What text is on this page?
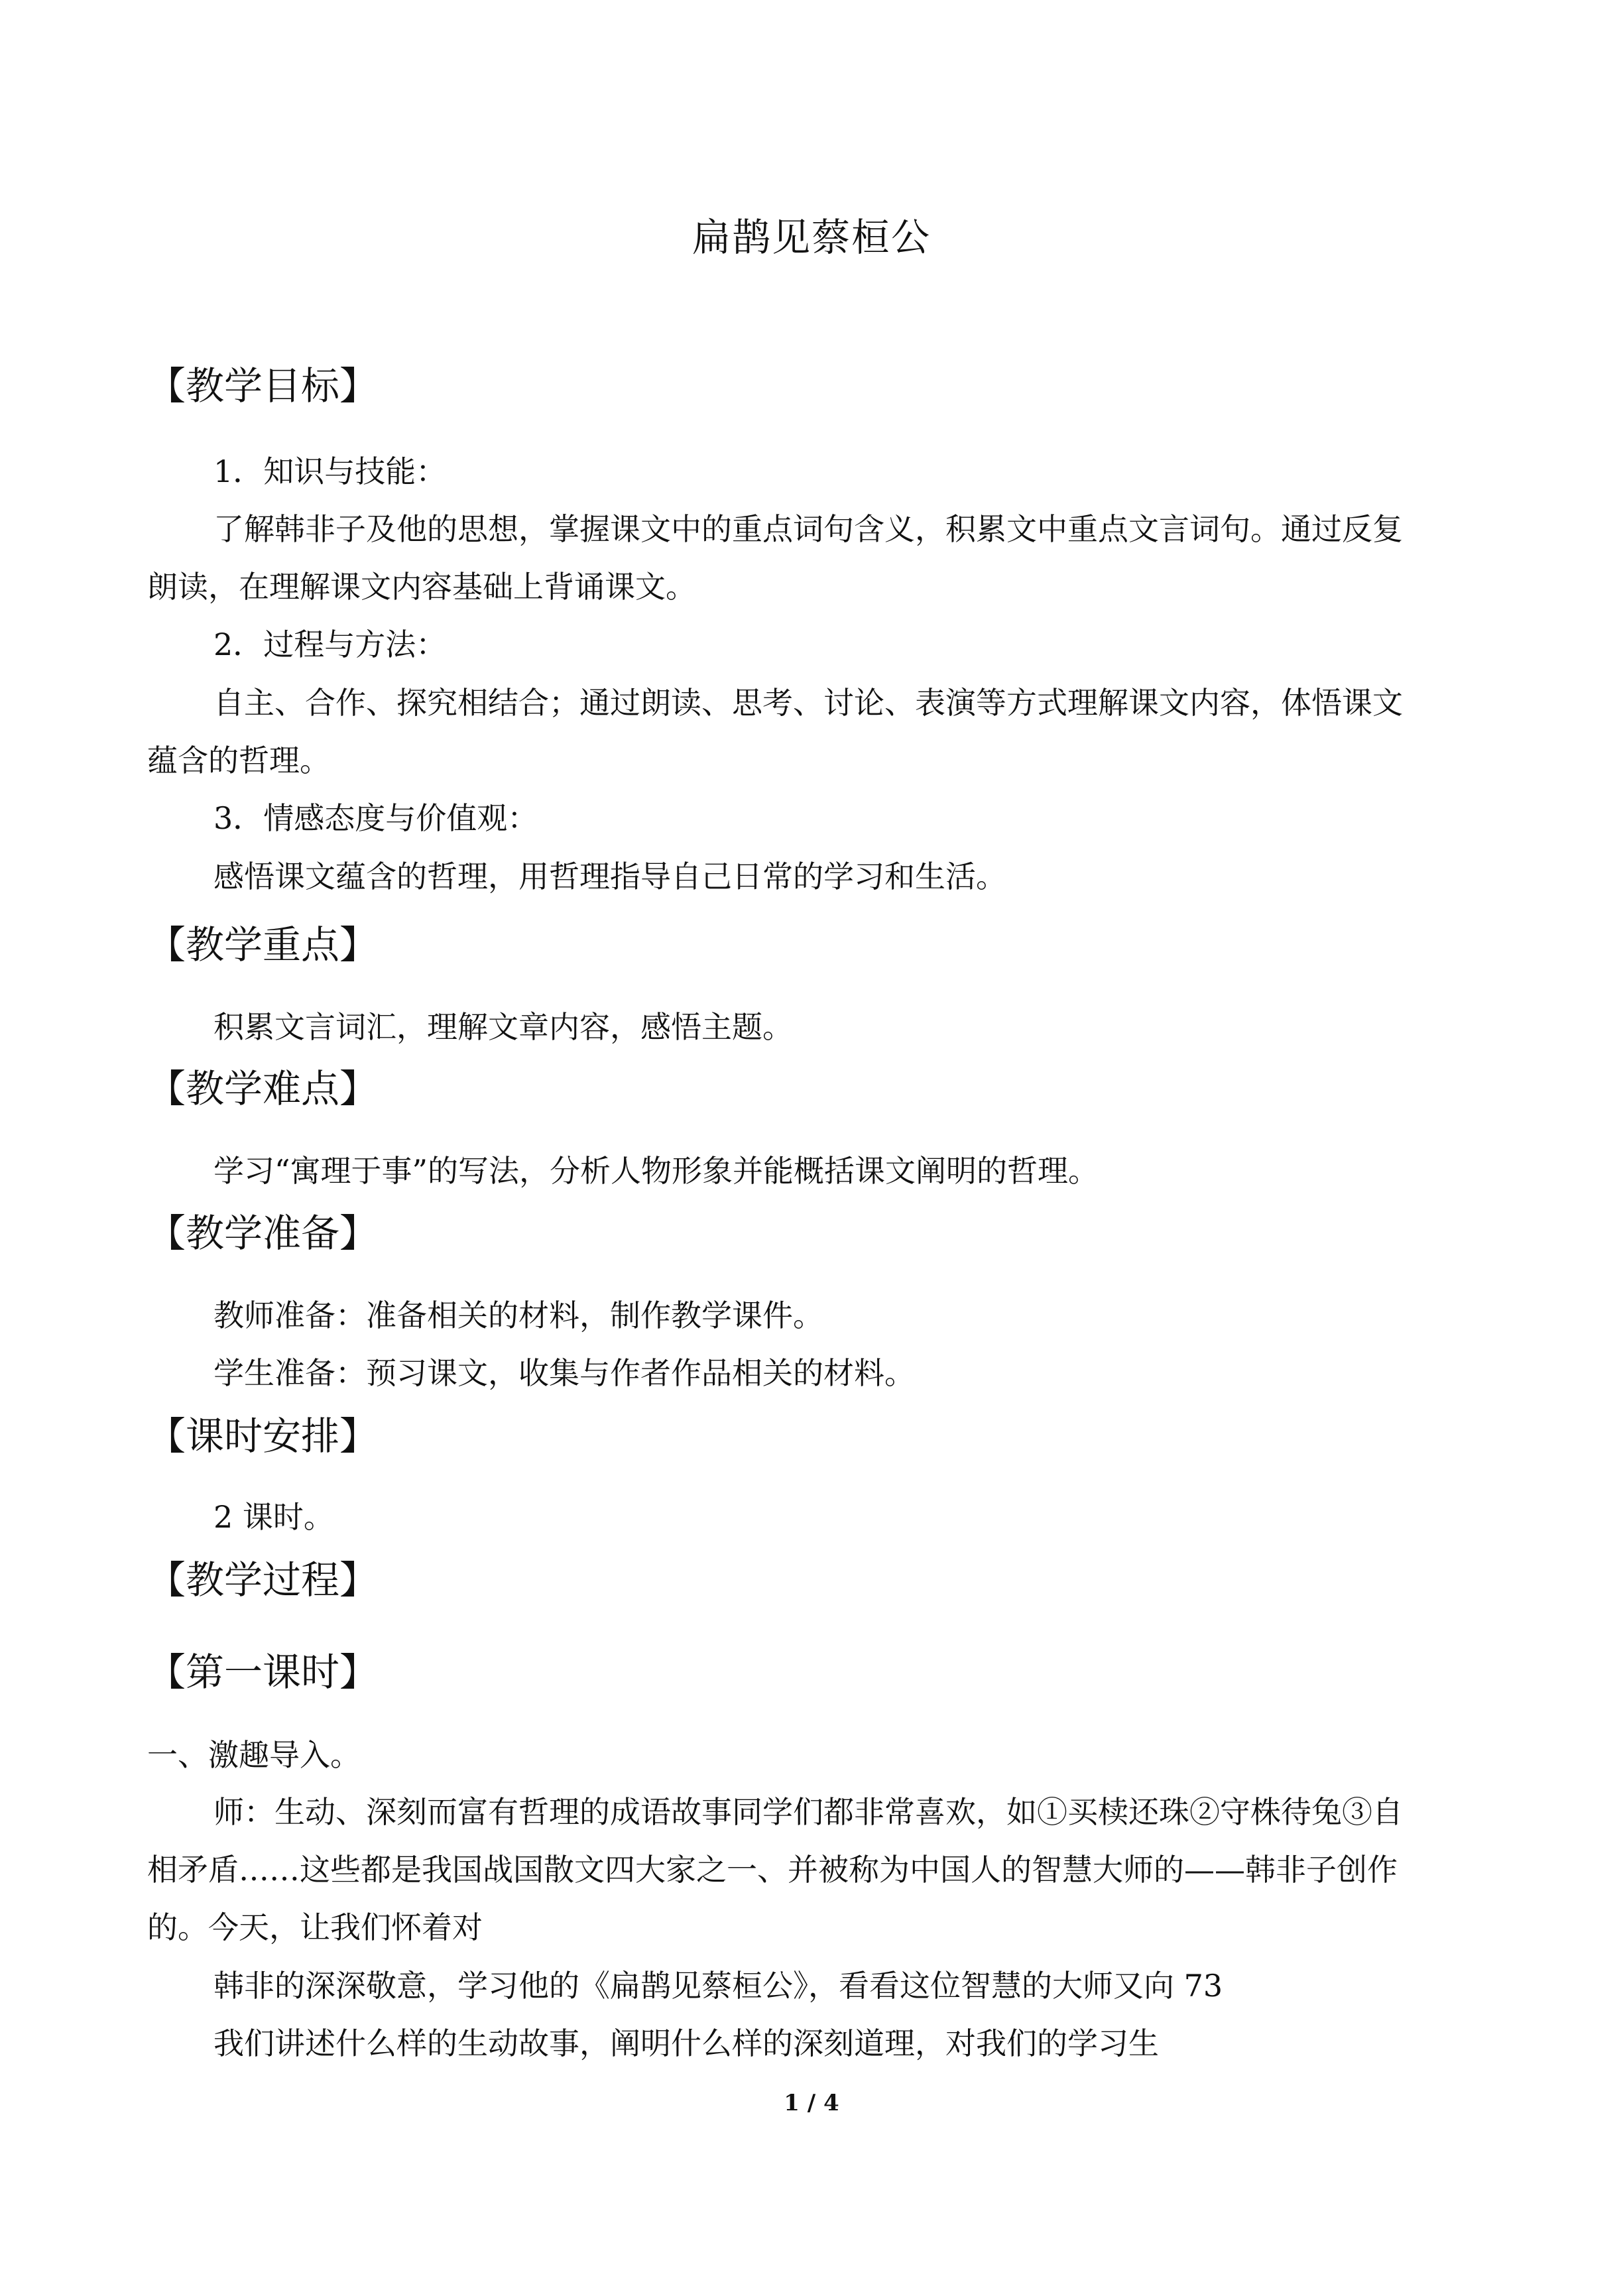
扁鹊见蔡桓公
【教学目标】
1．知识与技能：
了解韩非子及他的思想，掌握课文中的重点词句含义，积累文中重点文言词句。通过反复
朗读，在理解课文内容基础上背诵课文。
2．过程与方法：
自主、合作、探究相结合；通过朗读、思考、讨论、表演等方式理解课文内容，体悟课文
蕴含的哲理。
3．情感态度与价值观：
感悟课文蕴含的哲理，用哲理指导自己日常的学习和生活。
【教学重点】
积累文言词汇，理解文章内容，感悟主题。
【教学难点】
学习“寓理于事”的写法，分析人物形象并能概括课文阐明的哲理。
【教学准备】
教师准备：准备相关的材料，制作教学课件。
学生准备：预习课文，收集与作者作品相关的材料。
【课时安排】
2 课时。
【教学过程】
【第一课时】
一、激趣导入。
师：生动、深刻而富有哲理的成语故事同学们都非常喜欢，如①买椟还珠②守株待兔③自
相矛盾……这些都是我国战国散文四大家之一、并被称为中国人的智慧大师的——韩非子创作
的。今天，让我们怀着对
韩非的深深敬意，学习他的《扁鹊见蔡桓公》，看看这位智慧的大师又向 73
我们讲述什么样的生动故事，阐明什么样的深刻道理，对我们的学习生
1 / 4
